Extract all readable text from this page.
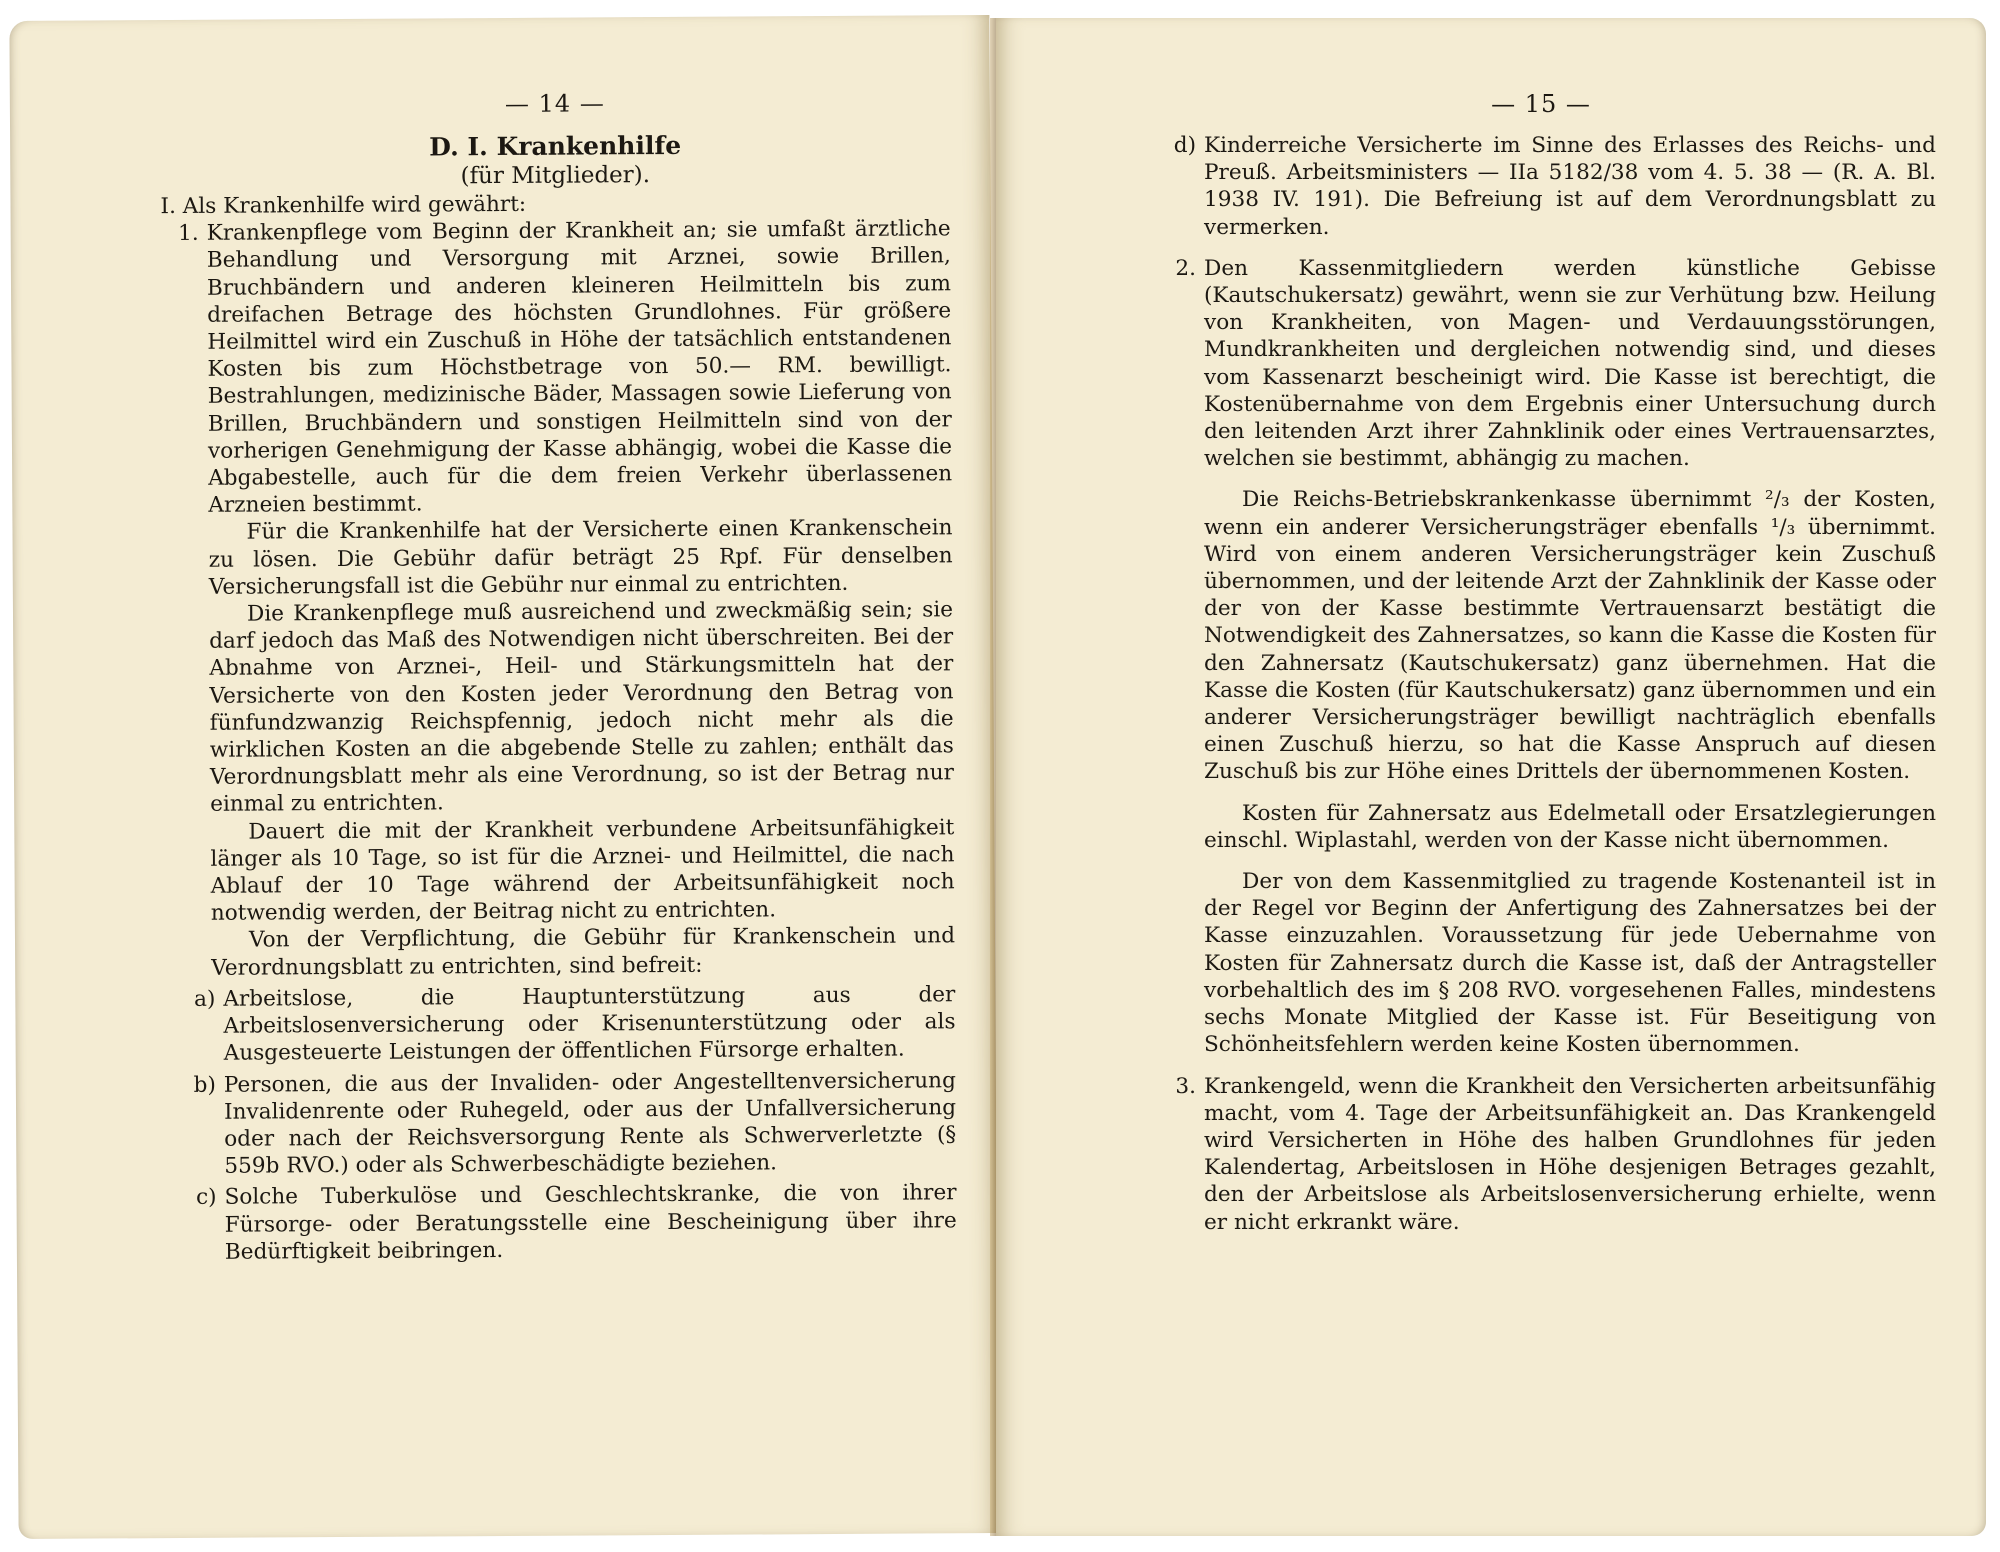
— 14 —
D. I. Krankenhilfe
(für Mitglieder).

I. Als Krankenhilfe wird gewährt:

1. Krankenpflege vom Beginn der Krankheit an; sie umfaßt ärztliche Behandlung und Versorgung mit Arznei, sowie Brillen, Bruchbändern und anderen kleineren Heilmitteln bis zum dreifachen Betrage des höchsten Grundlohnes. Für größere Heilmittel wird ein Zuschuß in Höhe der tatsächlich entstandenen Kosten bis zum Höchstbetrage von 50.— RM. bewilligt. Bestrahlungen, medizinische Bäder, Massagen sowie Lieferung von Brillen, Bruchbändern und sonstigen Heilmitteln sind von der vorherigen Genehmigung der Kasse abhängig, wobei die Kasse die Abgabestelle, auch für die dem freien Verkehr überlassenen Arzneien bestimmt.

Für die Krankenhilfe hat der Versicherte einen Krankenschein zu lösen. Die Gebühr dafür beträgt 25 Rpf. Für denselben Versicherungsfall ist die Gebühr nur einmal zu entrichten.

Die Krankenpflege muß ausreichend und zweckmäßig sein; sie darf jedoch das Maß des Notwendigen nicht überschreiten. Bei der Abnahme von Arznei-, Heil- und Stärkungsmitteln hat der Versicherte von den Kosten jeder Verordnung den Betrag von fünfundzwanzig Reichspfennig, jedoch nicht mehr als die wirklichen Kosten an die abgebende Stelle zu zahlen; enthält das Verordnungsblatt mehr als eine Verordnung, so ist der Betrag nur einmal zu entrichten.

Dauert die mit der Krankheit verbundene Arbeitsunfähigkeit länger als 10 Tage, so ist für die Arznei- und Heilmittel, die nach Ablauf der 10 Tage während der Arbeitsunfähigkeit noch notwendig werden, der Beitrag nicht zu entrichten.

Von der Verpflichtung, die Gebühr für Krankenschein und Verordnungsblatt zu entrichten, sind befreit:

a) Arbeitslose, die Hauptunterstützung aus der Arbeitslosenversicherung oder Krisenunterstützung oder als Ausgesteuerte Leistungen der öffentlichen Fürsorge erhalten.

b) Personen, die aus der Invaliden- oder Angestelltenversicherung Invalidenrente oder Ruhegeld, oder aus der Unfallversicherung oder nach der Reichsversorgung Rente als Schwerverletzte (§ 559b RVO.) oder als Schwerbeschädigte beziehen.

c) Solche Tuberkulöse und Geschlechtskranke, die von ihrer Fürsorge- oder Beratungsstelle eine Bescheinigung über ihre Bedürftigkeit beibringen.

— 15 —
d) Kinderreiche Versicherte im Sinne des Erlasses des Reichs- und Preuß. Arbeitsministers — IIa 5182/38 vom 4. 5. 38 — (R. A. Bl. 1938 IV. 191). Die Befreiung ist auf dem Verordnungsblatt zu vermerken.

2. Den Kassenmitgliedern werden künstliche Gebisse (Kautschukersatz) gewährt, wenn sie zur Verhütung bzw. Heilung von Krankheiten, von Magen- und Verdauungsstörungen, Mundkrankheiten und dergleichen notwendig sind, und dieses vom Kassenarzt bescheinigt wird. Die Kasse ist berechtigt, die Kostenübernahme von dem Ergebnis einer Untersuchung durch den leitenden Arzt ihrer Zahnklinik oder eines Vertrauensarztes, welchen sie bestimmt, abhängig zu machen.

Die Reichs-Betriebskrankenkasse übernimmt ²/₃ der Kosten, wenn ein anderer Versicherungsträger ebenfalls ¹/₃ übernimmt. Wird von einem anderen Versicherungsträger kein Zuschuß übernommen, und der leitende Arzt der Zahnklinik der Kasse oder der von der Kasse bestimmte Vertrauensarzt bestätigt die Notwendigkeit des Zahnersatzes, so kann die Kasse die Kosten für den Zahnersatz (Kautschukersatz) ganz übernehmen. Hat die Kasse die Kosten (für Kautschukersatz) ganz übernommen und ein anderer Versicherungsträger bewilligt nachträglich ebenfalls einen Zuschuß hierzu, so hat die Kasse Anspruch auf diesen Zuschuß bis zur Höhe eines Drittels der übernommenen Kosten.

Kosten für Zahnersatz aus Edelmetall oder Ersatzlegierungen einschl. Wiplastahl, werden von der Kasse nicht übernommen.

Der von dem Kassenmitglied zu tragende Kostenanteil ist in der Regel vor Beginn der Anfertigung des Zahnersatzes bei der Kasse einzuzahlen. Voraussetzung für jede Uebernahme von Kosten für Zahnersatz durch die Kasse ist, daß der Antragsteller vorbehaltlich des im § 208 RVO. vorgesehenen Falles, mindestens sechs Monate Mitglied der Kasse ist. Für Beseitigung von Schönheitsfehlern werden keine Kosten übernommen.

3. Krankengeld, wenn die Krankheit den Versicherten arbeitsunfähig macht, vom 4. Tage der Arbeitsunfähigkeit an. Das Krankengeld wird Versicherten in Höhe des halben Grundlohnes für jeden Kalendertag, Arbeitslosen in Höhe desjenigen Betrages gezahlt, den der Arbeitslose als Arbeitslosenversicherung erhielte, wenn er nicht erkrankt wäre.
